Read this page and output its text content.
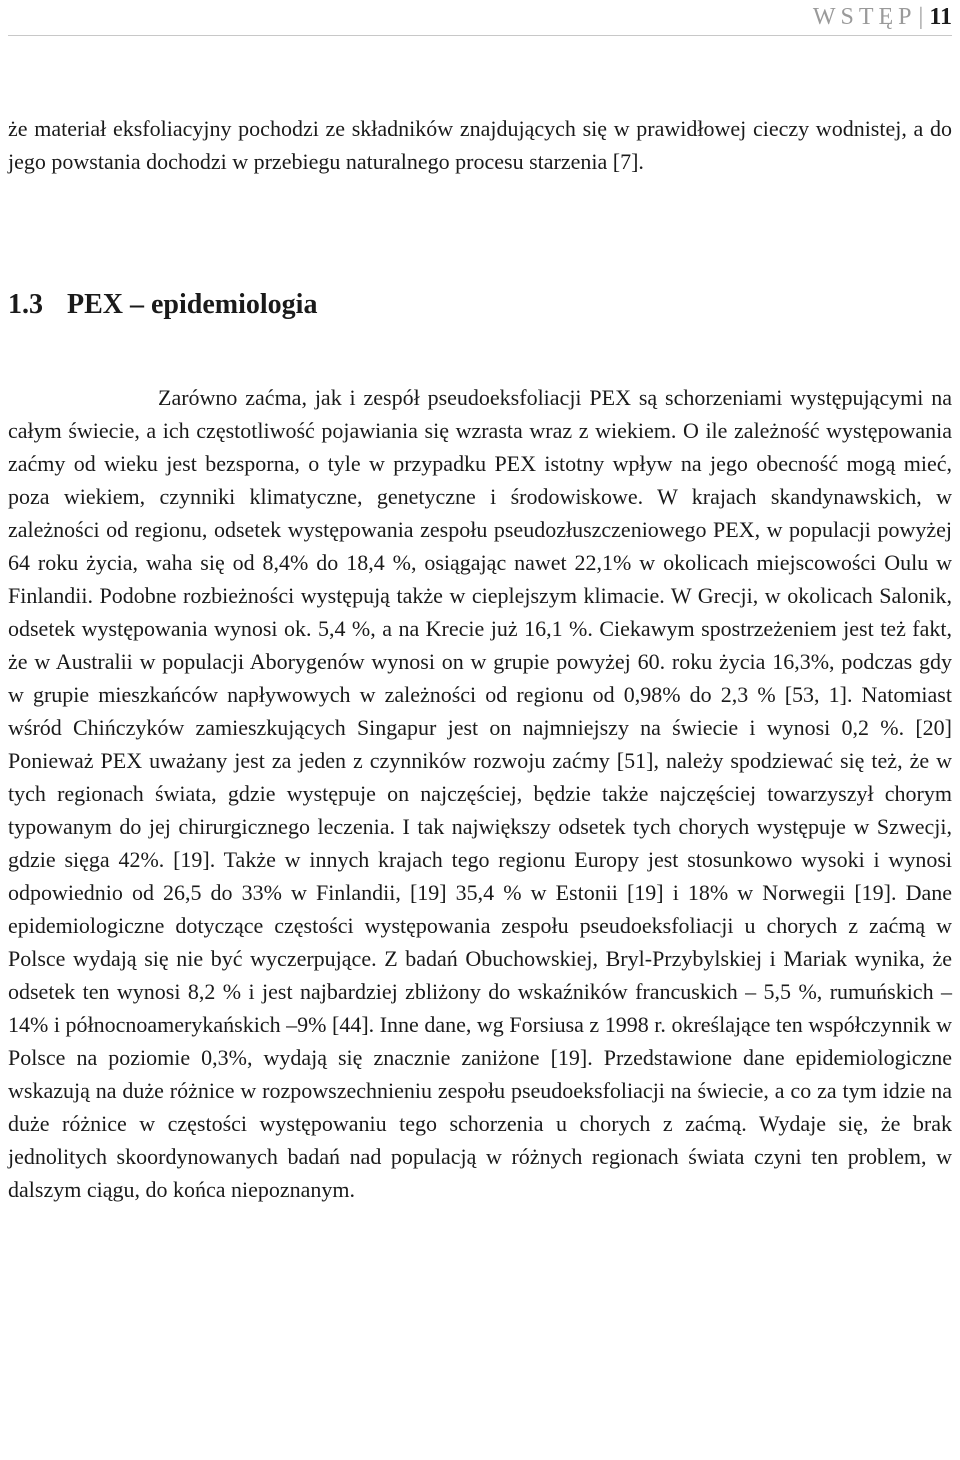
WSTĘP | 11

że materiał eksfoliacyjny pochodzi ze składników znajdujących się w prawidłowej cieczy wodnistej, a do jego powstania dochodzi w przebiegu naturalnego procesu starzenia [7].

1.3 PEX – epidemiologia

Zarówno zaćma, jak i zespół pseudoeksfoliacji PEX są schorzeniami występującymi na całym świecie, a ich częstotliwość pojawiania się wzrasta wraz z wiekiem. O ile zależność występowania zaćmy od wieku jest bezsporna, o tyle w przypadku PEX istotny wpływ na jego obecność mogą mieć, poza wiekiem, czynniki klimatyczne, genetyczne i środowiskowe. W krajach skandynawskich, w zależności od regionu, odsetek występowania zespołu pseudozłuszczeniowego PEX, w populacji powyżej 64 roku życia, waha się od 8,4% do 18,4 %, osiągając nawet 22,1% w okolicach miejscowości Oulu w Finlandii. Podobne rozbieżności występują także w cieplejszym klimacie. W Grecji, w okolicach Salonik, odsetek występowania wynosi ok. 5,4 %, a na Krecie już 16,1 %. Ciekawym spostrzeżeniem jest też fakt, że w Australii w populacji Aborygenów wynosi on w grupie powyżej 60. roku życia 16,3%, podczas gdy w grupie mieszkańców napływowych w zależności od regionu od 0,98% do 2,3 % [53, 1]. Natomiast wśród Chińczyków zamieszkujących Singapur jest on najmniejszy na świecie i wynosi 0,2 %. [20] Ponieważ PEX uważany jest za jeden z czynników rozwoju zaćmy [51], należy spodziewać się też, że w tych regionach świata, gdzie występuje on najczęściej, będzie także najczęściej towarzyszył chorym typowanym do jej chirurgicznego leczenia. I tak największy odsetek tych chorych występuje w Szwecji, gdzie sięga 42%. [19]. Także w innych krajach tego regionu Europy jest stosunkowo wysoki i wynosi odpowiednio od 26,5 do 33% w Finlandii, [19] 35,4 % w Estonii [19] i 18% w Norwegii [19]. Dane epidemiologiczne dotyczące częstości występowania zespołu pseudoeksfoliacji u chorych z zaćmą w Polsce wydają się nie być wyczerpujące. Z badań Obuchowskiej, Bryl-Przybylskiej i Mariak wynika, że odsetek ten wynosi 8,2 % i jest najbardziej zbliżony do wskaźników francuskich – 5,5 %, rumuńskich – 14% i północnoamerykańskich –9% [44]. Inne dane, wg Forsiusa z 1998 r. określające ten współczynnik w Polsce na poziomie 0,3%, wydają się znacznie zaniżone [19]. Przedstawione dane epidemiologiczne wskazują na duże różnice w rozpowszechnieniu zespołu pseudoeksfoliacji na świecie, a co za tym idzie na duże różnice w częstości występowaniu tego schorzenia u chorych z zaćmą. Wydaje się, że brak jednolitych skoordynowanych badań nad populacją w różnych regionach świata czyni ten problem, w dalszym ciągu, do końca niepoznanym.
